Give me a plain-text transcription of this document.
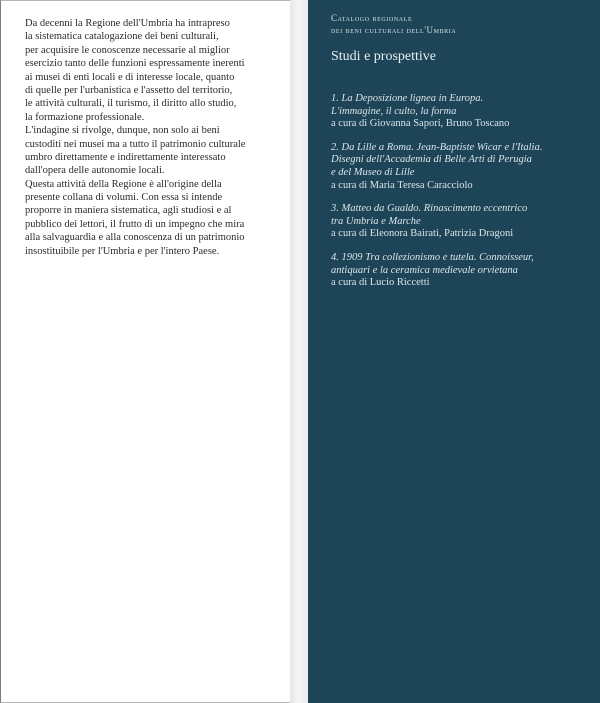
Da decenni la Regione dell'Umbria ha intrapreso
la sistematica catalogazione dei beni culturali,
per acquisire le conoscenze necessarie al miglior
esercizio tanto delle funzioni espressamente inerenti
ai musei di enti locali e di interesse locale, quanto
di quelle per l'urbanistica e l'assetto del territorio,
le attività culturali, il turismo, il diritto allo studio,
la formazione professionale.
L'indagine si rivolge, dunque, non solo ai beni
custoditi nei musei ma a tutto il patrimonio culturale
umbro direttamente e indirettamente interessato
dall'opera delle autonomie locali.
Questa attività della Regione è all'origine della
presente collana di volumi. Con essa si intende
proporre in maniera sistematica, agli studiosi e al
pubblico dei lettori, il frutto di un impegno che mira
alla salvaguardia e alla conoscenza di un patrimonio
insostituibile per l'Umbria e per l'intero Paese.
Catalogo regionale
dei beni culturali dell'Umbria
Studi e prospettive
1. La Deposizione lignea in Europa.
L'immagine, il culto, la forma
a cura di Giovanna Sapori, Bruno Toscano
2. Da Lille a Roma. Jean-Baptiste Wicar e l'Italia.
Disegni dell'Accademia di Belle Arti di Perugia
e del Museo di Lille
a cura di Maria Teresa Caracciolo
3. Matteo da Gualdo. Rinascimento eccentrico
tra Umbria e Marche
a cura di Eleonora Bairati, Patrizia Dragoni
4. 1909 Tra collezionismo e tutela. Connoisseur,
antiquari e la ceramica medievale orvietana
a cura di Lucio Riccetti
